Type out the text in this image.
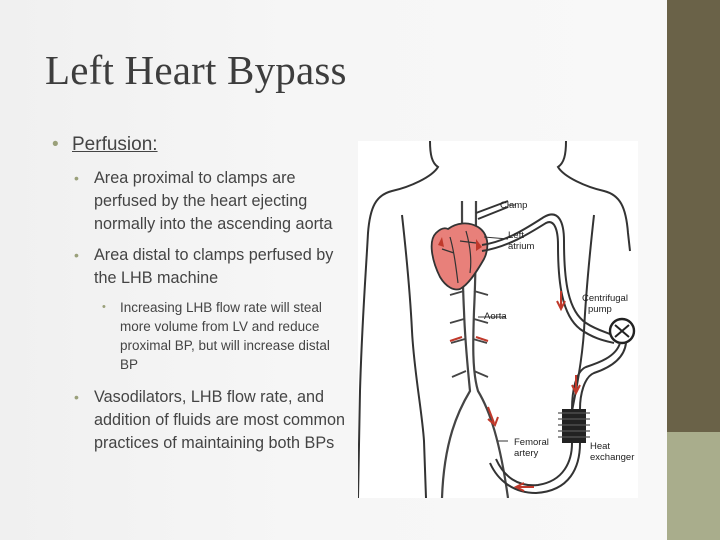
Left Heart Bypass
• Perfusion:
• Area proximal to clamps are perfused by the heart ejecting normally into the ascending aorta
• Area distal to clamps perfused by the LHB machine
• Increasing LHB flow rate will steal more volume from LV and reduce proximal BP, but will increase distal BP
• Vasodilators, LHB flow rate, and addition of fluids are most common practices of maintaining both BPs
Clamp
Left
atrium
Centrifugal
pump
Aorta
Femoral
artery
Heat
exchanger
